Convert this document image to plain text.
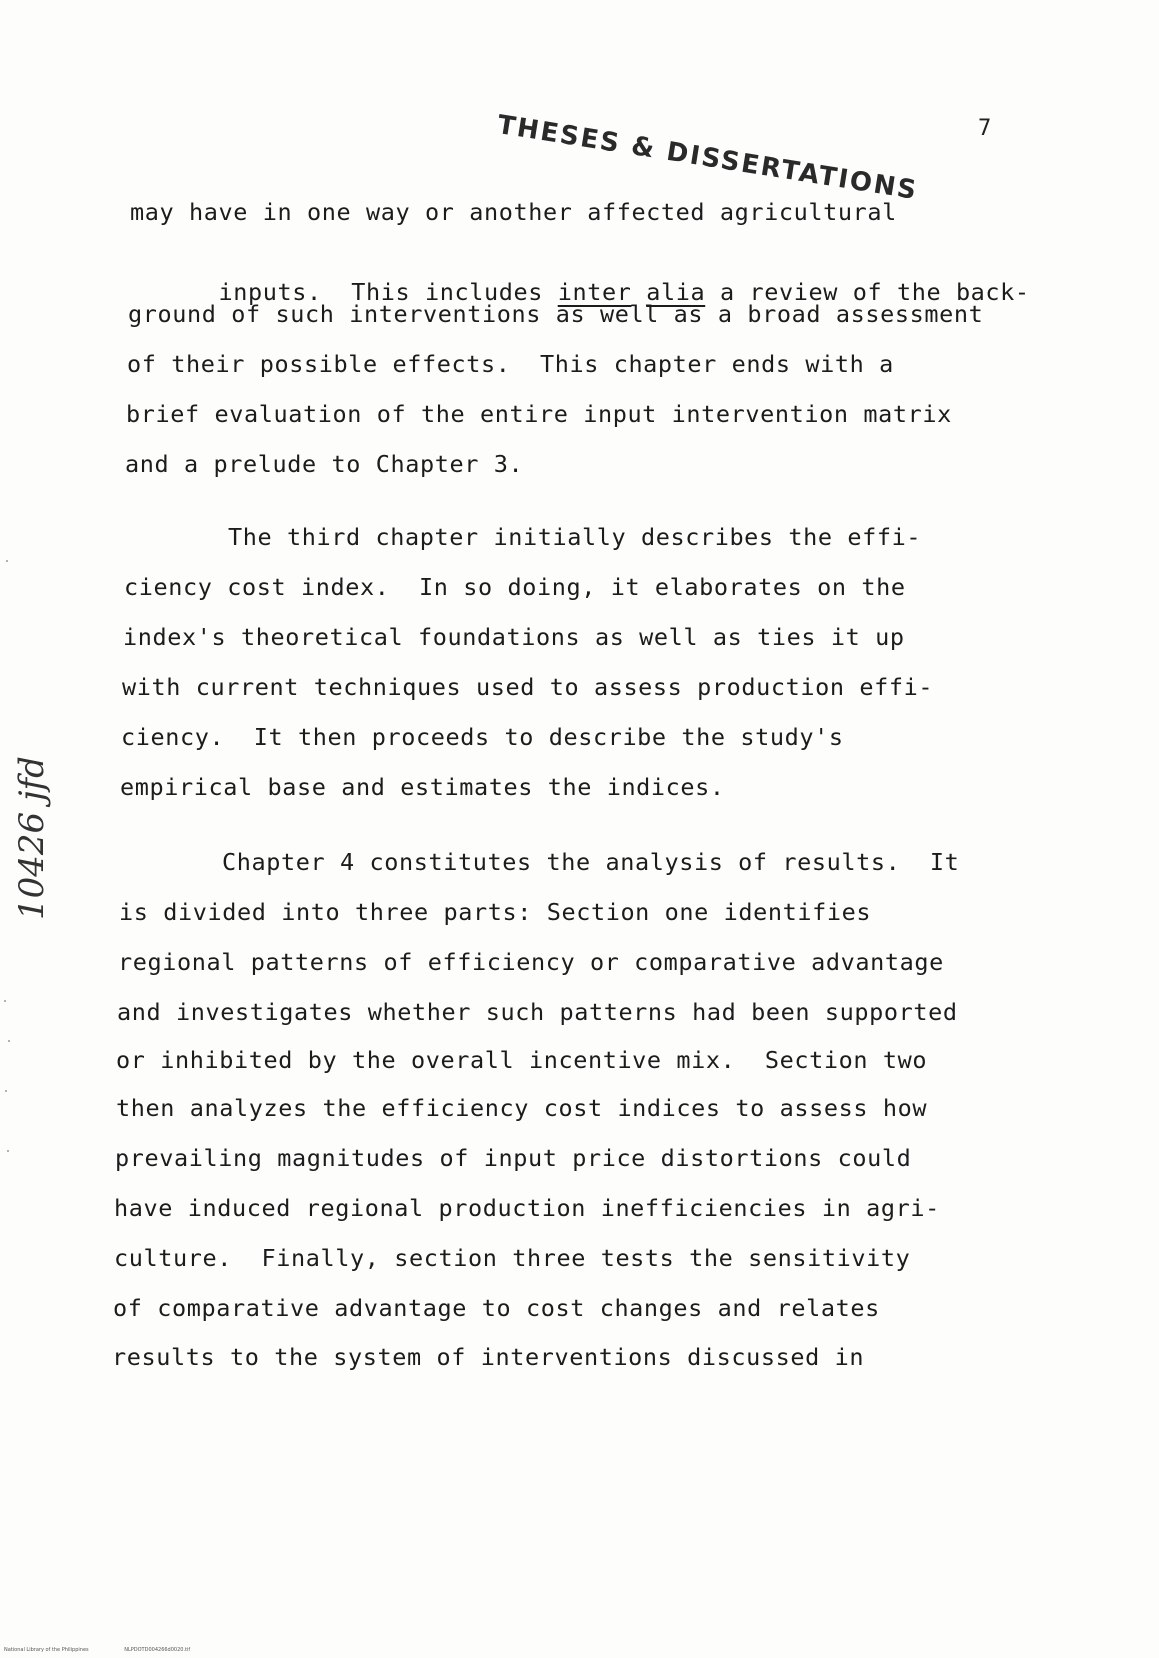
THESES & DISSERTATIONS	7
10426 jfd
may have in one way or another affected agricultural

inputs.  This includes inter alia a review of the back-

ground of such interventions as well as a broad assessment
of their possible effects.  This chapter ends with a
brief evaluation of the entire input intervention matrix
and a prelude to Chapter 3.
The third chapter initially describes the effi-
ciency cost index.  In so doing, it elaborates on the
index's theoretical foundations as well as ties it up
with current techniques used to assess production effi-
ciency.  It then proceeds to describe the study's
empirical base and estimates the indices.
Chapter 4 constitutes the analysis of results.  It
is divided into three parts: Section one identifies
regional patterns of efficiency or comparative advantage
and investigates whether such patterns had been supported
or inhibited by the overall incentive mix.  Section two
then analyzes the efficiency cost indices to assess how
prevailing magnitudes of input price distortions could
have induced regional production inefficiencies in agri-
culture.  Finally, section three tests the sensitivity
of comparative advantage to cost changes and relates
results to the system of interventions discussed in
National Library of the Philippines	NLPDOTD004266d0020.tif
